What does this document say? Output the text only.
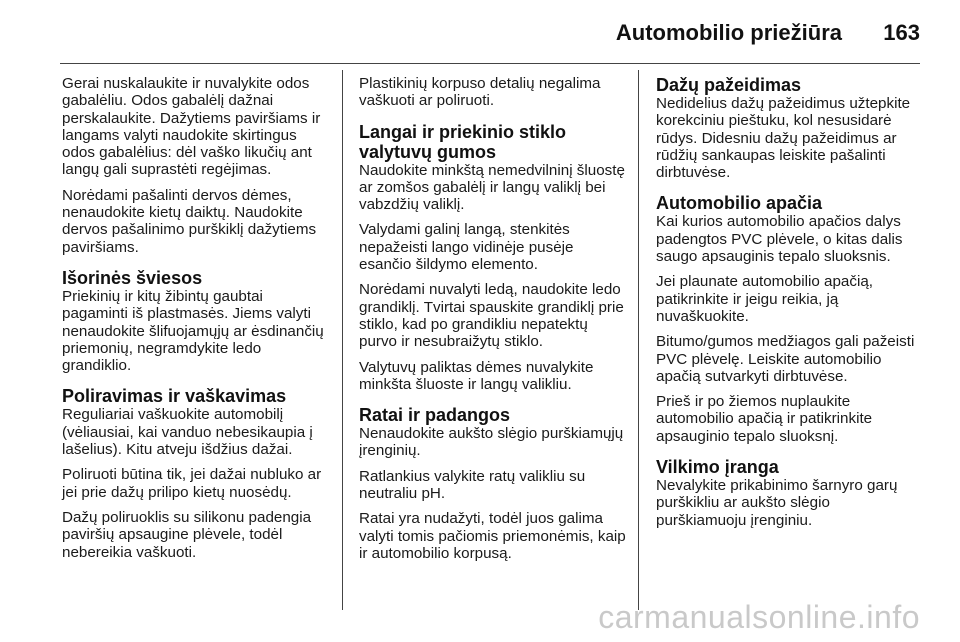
Automobilio priežiūra 163

Gerai nuskalaukite ir nuvalykite odos gabalėliu. Odos gabalėlį dažnai perskalaukite. Dažytiems paviršiams ir langams valyti naudokite skirtingus odos gabalėlius: dėl vaško likučių ant langų gali suprastėti regėjimas.

Norėdami pašalinti dervos dėmes, nenaudokite kietų daiktų. Naudokite dervos pašalinimo purškiklį dažytiems paviršiams.

Išorinės šviesos

Priekinių ir kitų žibintų gaubtai pagaminti iš plastmasės. Jiems valyti nenaudokite šlifuojamųjų ar ėsdinančių priemonių, negramdykite ledo grandiklio.

Poliravimas ir vaškavimas

Reguliariai vaškuokite automobilį (vėliausiai, kai vanduo nebesikaupia į lašelius). Kitu atveju išdžius dažai.

Poliruoti būtina tik, jei dažai nubluko ar jei prie dažų prilipo kietų nuosėdų.

Dažų poliruoklis su silikonu padengia paviršių apsaugine plėvele, todėl nebereikia vaškuoti.

Plastikinių korpuso detalių negalima vaškuoti ar poliruoti.

Langai ir priekinio stiklo valytuvų gumos

Naudokite minkštą nemedvilninį šluostę ar zomšos gabalėlį ir langų valiklį bei vabzdžių valiklį.

Valydami galinį langą, stenkitės nepažeisti lango vidinėje pusėje esančio šildymo elemento.

Norėdami nuvalyti ledą, naudokite ledo grandiklį. Tvirtai spauskite grandiklį prie stiklo, kad po grandikliu nepatektų purvo ir nesubraižytų stiklo.

Valytuvų paliktas dėmes nuvalykite minkšta šluoste ir langų valikliu.

Ratai ir padangos

Nenaudokite aukšto slėgio purškiamųjų įrenginių.

Ratlankius valykite ratų valikliu su neutraliu pH.

Ratai yra nudažyti, todėl juos galima valyti tomis pačiomis priemonėmis, kaip ir automobilio korpusą.

Dažų pažeidimas

Nedidelius dažų pažeidimus užtepkite korekciniu pieštuku, kol nesusidarė rūdys. Didesniu dažų pažeidimus ar rūdžių sankaupas leiskite pašalinti dirbtuvėse.

Automobilio apačia

Kai kurios automobilio apačios dalys padengtos PVC plėvele, o kitas dalis saugo apsauginis tepalo sluoksnis.

Jei plaunate automobilio apačią, patikrinkite ir jeigu reikia, ją nuvaškuokite.

Bitumo/gumos medžiagos gali pažeisti PVC plėvelę. Leiskite automobilio apačią sutvarkyti dirbtuvėse.

Prieš ir po žiemos nuplaukite automobilio apačią ir patikrinkite apsauginio tepalo sluoksnį.

Vilkimo įranga

Nevalykite prikabinimo šarnyro garų purškikliu ar aukšto slėgio purškiamuoju įrenginiu.

carmanualsonline.info
